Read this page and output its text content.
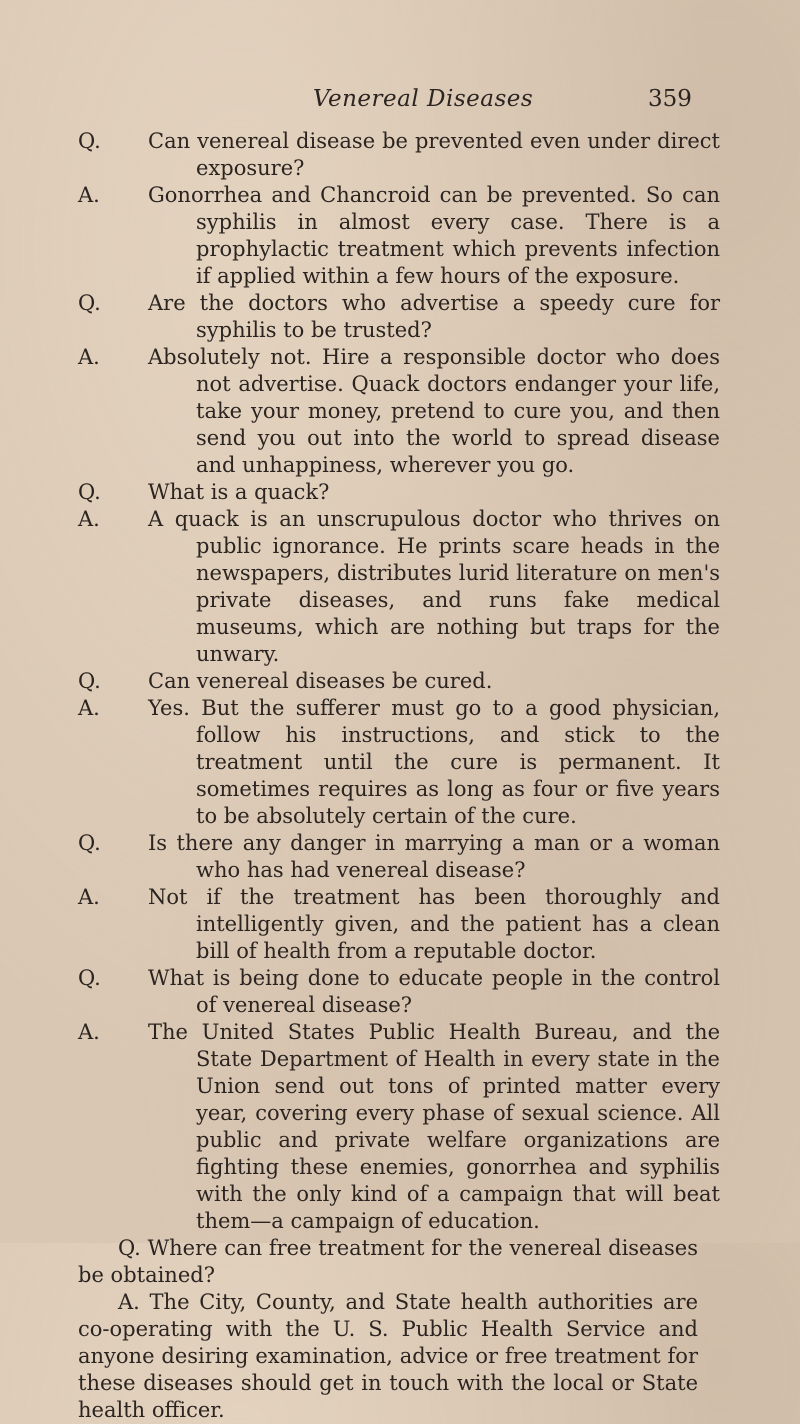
Venereal Diseases	359
Q.	Can venereal disease be prevented even under direct exposure?
A.	Gonorrhea and Chancroid can be prevented. So can syphilis in almost every case. There is a prophylactic treatment which prevents infection if applied within a few hours of the exposure.
Q.	Are the doctors who advertise a speedy cure for syphilis to be trusted?
A.	Absolutely not. Hire a responsible doctor who does not advertise. Quack doctors endanger your life, take your money, pretend to cure you, and then send you out into the world to spread disease and unhappiness, wherever you go.
Q.	What is a quack?
A.	A quack is an unscrupulous doctor who thrives on public ignorance. He prints scare heads in the newspapers, distributes lurid literature on men's private diseases, and runs fake medical museums, which are nothing but traps for the unwary.
Q.	Can venereal diseases be cured.
A.	Yes. But the sufferer must go to a good physician, follow his instructions, and stick to the treatment until the cure is permanent. It sometimes requires as long as four or five years to be absolutely certain of the cure.
Q.	Is there any danger in marrying a man or a woman who has had venereal disease?
A.	Not if the treatment has been thoroughly and intelligently given, and the patient has a clean bill of health from a reputable doctor.
Q.	What is being done to educate people in the control of venereal disease?
A.	The United States Public Health Bureau, and the State Department of Health in every state in the Union send out tons of printed matter every year, covering every phase of sexual science. All public and private welfare organizations are fighting these enemies, gonorrhea and syphilis with the only kind of a campaign that will beat them—a campaign of education.

Q. Where can free treatment for the venereal diseases be obtained?

A. The City, County, and State health authorities are co-operating with the U. S. Public Health Service and anyone desiring examination, advice or free treatment for these diseases should get in touch with the local or State health officer.
